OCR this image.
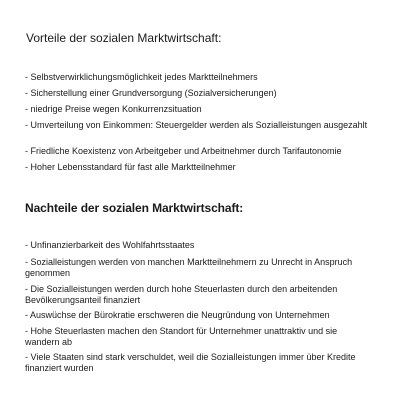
Vorteile der sozialen Marktwirtschaft:
- Selbstverwirklichungsmöglichkeit jedes Marktteilnehmers
- Sicherstellung einer Grundversorgung (Sozialversicherungen)
- niedrige Preise wegen Konkurrenzsituation
- Umverteilung von Einkommen: Steuergelder werden als Sozialleistungen ausgezahlt
- Friedliche Koexistenz von Arbeitgeber und Arbeitnehmer durch Tarifautonomie
- Hoher Lebensstandard für fast alle Marktteilnehmer
Nachteile der sozialen Marktwirtschaft:
- Unfinanzierbarkeit des Wohlfahrtsstaates
- Sozialleistungen werden von manchen Marktteilnehmern zu Unrecht in Anspruch genommen
- Die Sozialleistungen werden durch hohe Steuerlasten durch den arbeitenden Bevölkerungsanteil finanziert
- Auswüchse der Bürokratie erschweren die Neugründung von Unternehmen
- Hohe Steuerlasten machen den Standort für Unternehmer unattraktiv und sie wandern ab
- Viele Staaten sind stark verschuldet, weil die Sozialleistungen immer über Kredite finanziert wurden
